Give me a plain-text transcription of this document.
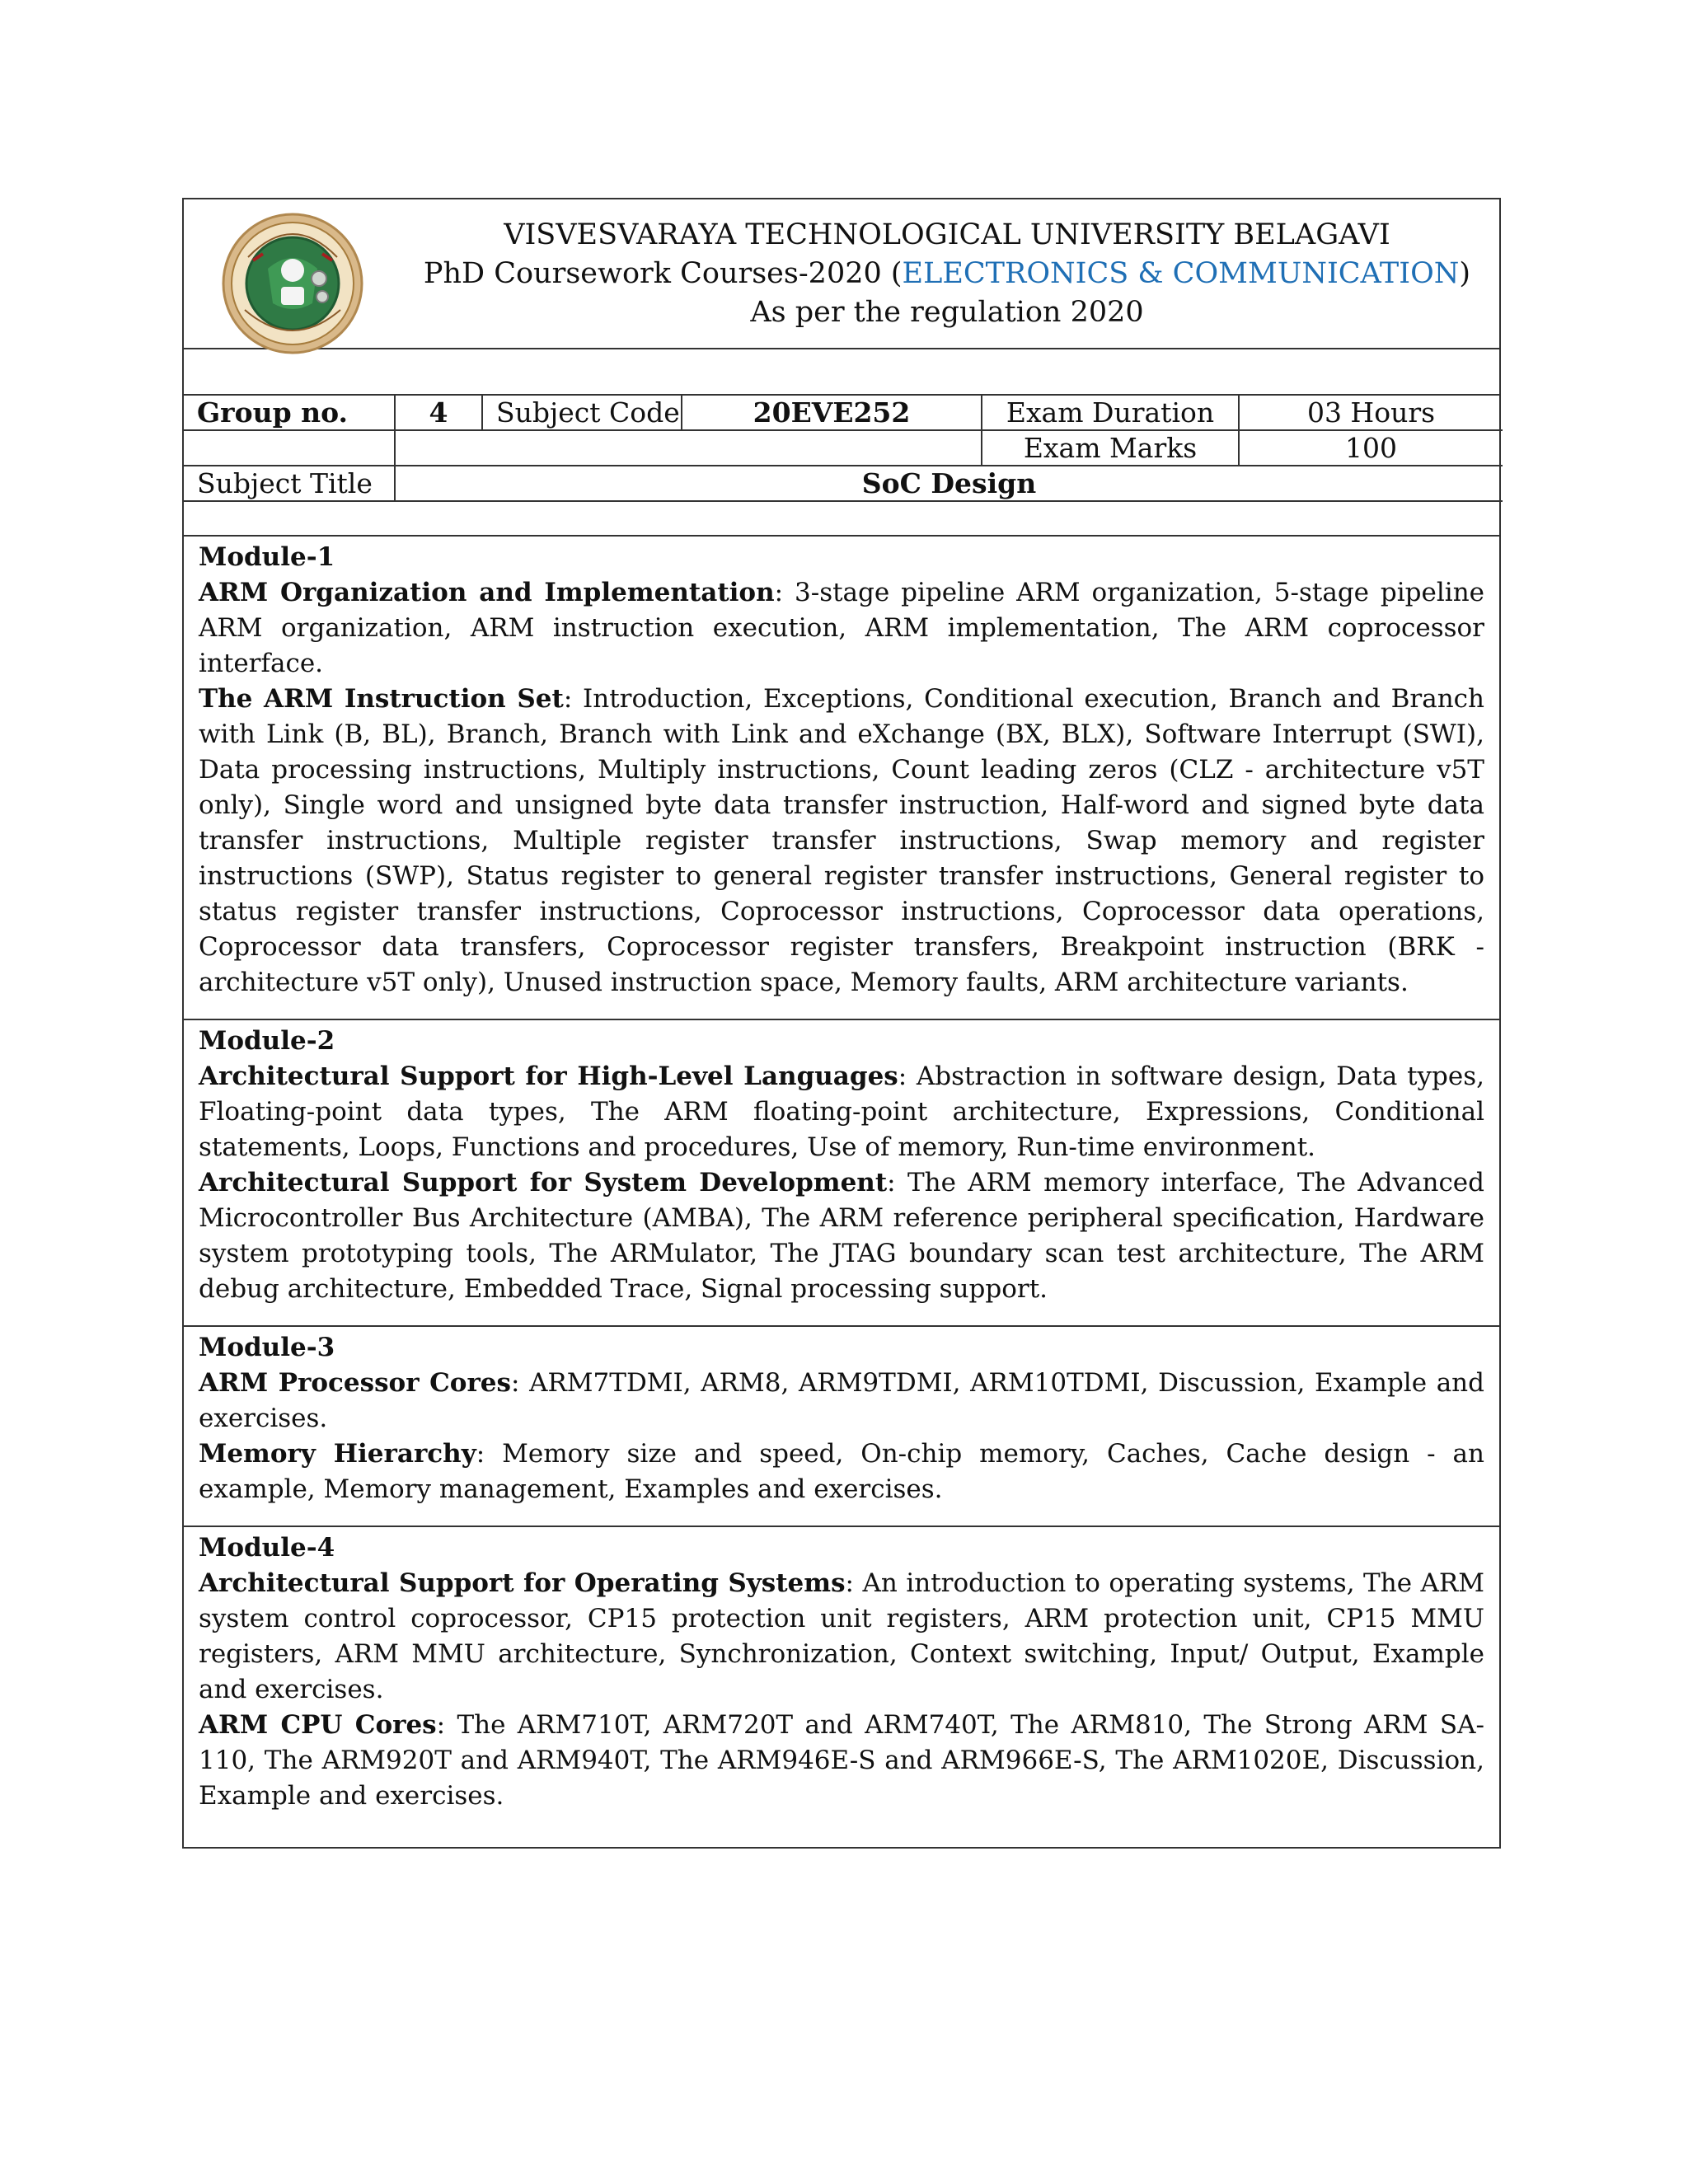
VISVESVARAYA TECHNOLOGICAL UNIVERSITY BELAGAVI
PhD Coursework Courses-2020 (ELECTRONICS & COMMUNICATION)
As per the regulation 2020
Group no.	4	Subject Code	20EVE252	Exam Duration	03 Hours
				Exam Marks	100
Subject Title	SoC Design				
Module-1

ARM Organization and Implementation: 3-stage pipeline ARM organization, 5-stage pipeline ARM organization, ARM instruction execution, ARM implementation, The ARM coprocessor interface.

The ARM Instruction Set: Introduction, Exceptions, Conditional execution, Branch and Branch with Link (B, BL), Branch, Branch with Link and eXchange (BX, BLX), Software Interrupt (SWI), Data processing instructions, Multiply instructions, Count leading zeros (CLZ - architecture v5T only), Single word and unsigned byte data transfer instruction, Half-word and signed byte data transfer instructions, Multiple register transfer instructions, Swap memory and register instructions (SWP), Status register to general register transfer instructions, General register to status register transfer instructions, Coprocessor instructions, Coprocessor data operations, Coprocessor data transfers, Coprocessor register transfers, Breakpoint instruction (BRK - architecture v5T only), Unused instruction space, Memory faults, ARM architecture variants.

Module-2

Architectural Support for High-Level Languages: Abstraction in software design, Data types, Floating-point data types, The ARM floating-point architecture, Expressions, Conditional statements, Loops, Functions and procedures, Use of memory, Run-time environment.

Architectural Support for System Development: The ARM memory interface, The Advanced Microcontroller Bus Architecture (AMBA), The ARM reference peripheral specification, Hardware system prototyping tools, The ARMulator, The JTAG boundary scan test architecture, The ARM debug architecture, Embedded Trace, Signal processing support.

Module-3

ARM Processor Cores: ARM7TDMI, ARM8, ARM9TDMI, ARM10TDMI, Discussion, Example and exercises.

Memory Hierarchy: Memory size and speed, On-chip memory, Caches, Cache design - an example, Memory management, Examples and exercises.

Module-4

Architectural Support for Operating Systems: An introduction to operating systems, The ARM system control coprocessor, CP15 protection unit registers, ARM protection unit, CP15 MMU registers, ARM MMU architecture, Synchronization, Context switching, Input/ Output, Example and exercises.

ARM CPU Cores: The ARM710T, ARM720T and ARM740T, The ARM810, The Strong ARM SA-110, The ARM920T and ARM940T, The ARM946E-S and ARM966E-S, The ARM1020E, Discussion, Example and exercises.
